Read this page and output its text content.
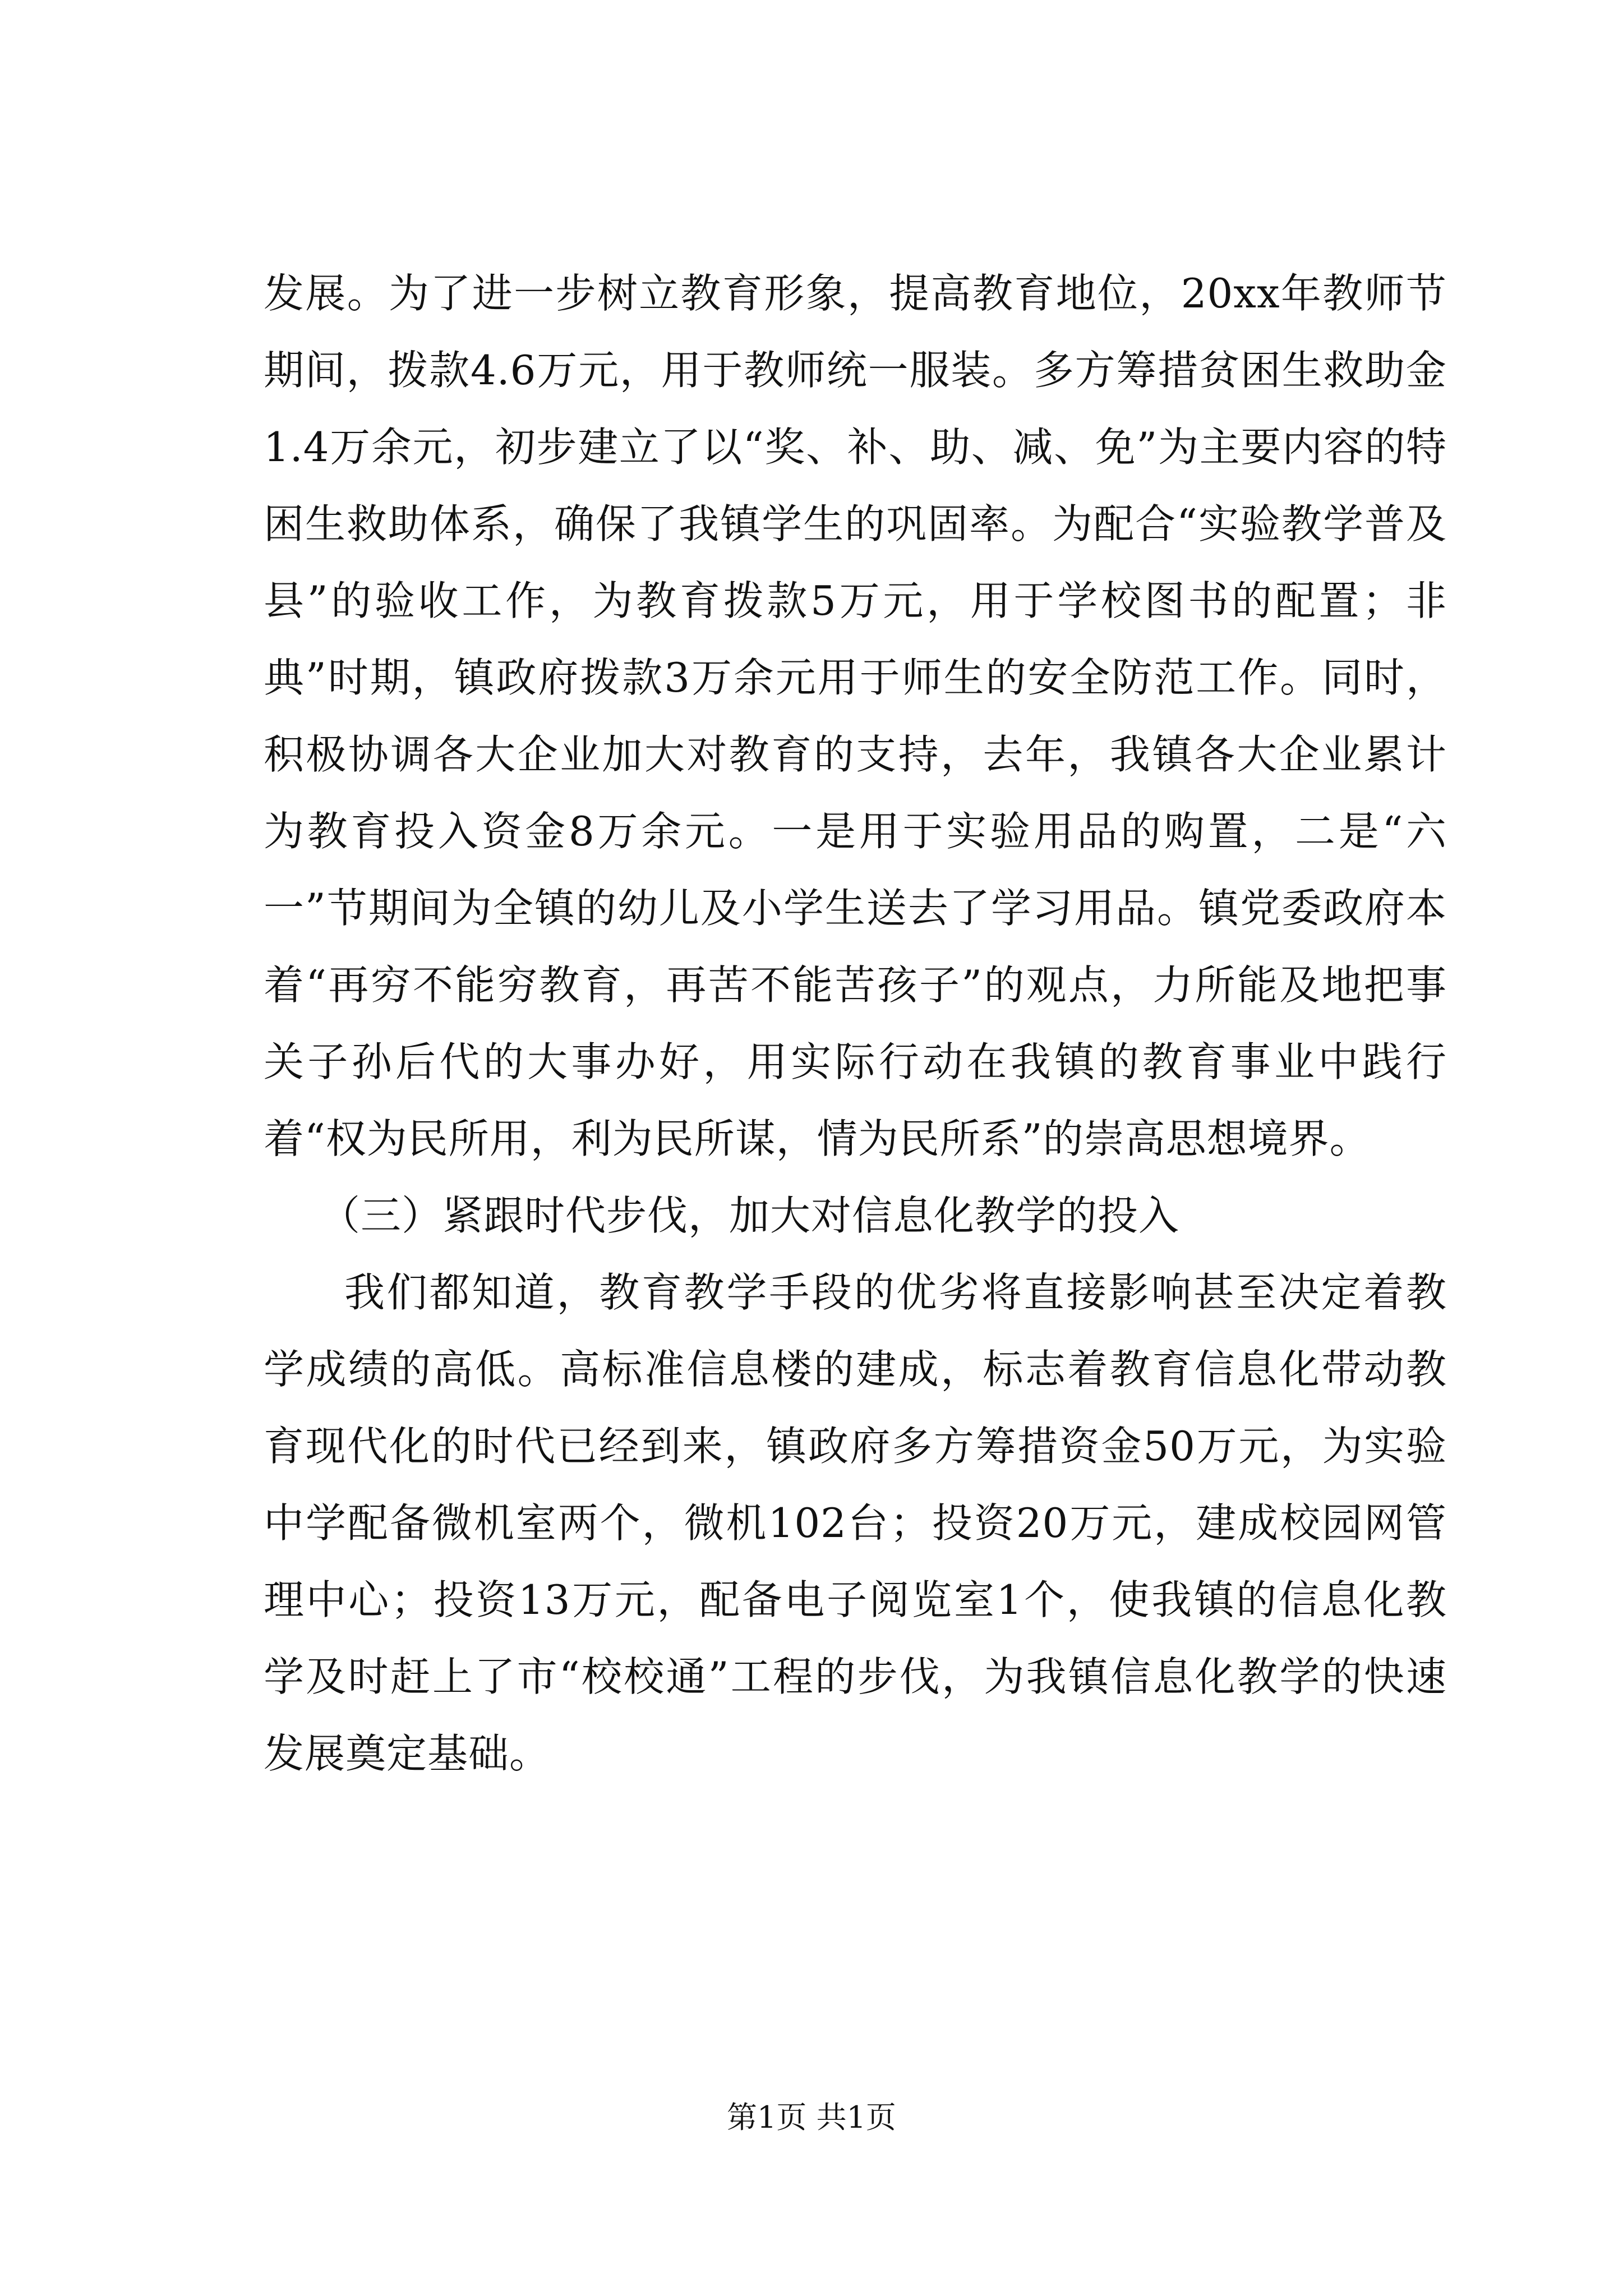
发展。为了进一步树立教育形象，提高教育地位，20xx年教师节期间，拨款4.6万元，用于教师统一服装。多方筹措贫困生救助金1.4万余元，初步建立了以“奖、补、助、减、免”为主要内容的特困生救助体系，确保了我镇学生的巩固率。为配合“实验教学普及县”的验收工作，为教育拨款5万元，用于学校图书的配置；非典”时期，镇政府拨款3万余元用于师生的安全防范工作。同时，积极协调各大企业加大对教育的支持，去年，我镇各大企业累计为教育投入资金8万余元。一是用于实验用品的购置，二是“六一”节期间为全镇的幼儿及小学生送去了学习用品。镇党委政府本着“再穷不能穷教育，再苦不能苦孩子”的观点，力所能及地把事关子孙后代的大事办好，用实际行动在我镇的教育事业中践行着“权为民所用，利为民所谋，情为民所系”的崇高思想境界。

（三）紧跟时代步伐，加大对信息化教学的投入

我们都知道，教育教学手段的优劣将直接影响甚至决定着教学成绩的高低。高标准信息楼的建成，标志着教育信息化带动教育现代化的时代已经到来，镇政府多方筹措资金50万元，为实验中学配备微机室两个，微机102台；投资20万元，建成校园网管理中心；投资13万元，配备电子阅览室1个，使我镇的信息化教学及时赶上了市“校校通”工程的步伐，为我镇信息化教学的快速发展奠定基础。

第1页 共1页
